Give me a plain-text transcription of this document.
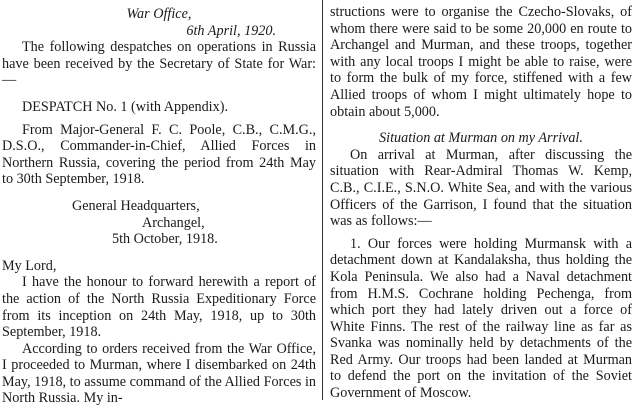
War Office,

6th April, 1920.

The following despatches on operations in Russia have been received by the Secretary of State for War:—

DESPATCH No. 1 (with Appendix).

From Major-General F. C. Poole, C.B., C.M.G., D.S.O., Commander-in-Chief, Allied Forces in Northern Russia, covering the period from 24th May to 30th September, 1918.

General Headquarters,

Archangel,

5th October, 1918.

My Lord,

I have the honour to forward herewith a report of the action of the North Russia Expeditionary Force from its inception on 24th May, 1918, up to 30th September, 1918.

According to orders received from the War Office, I proceeded to Murman, where I disembarked on 24th May, 1918, to assume command of the Allied Forces in North Russia. My in-

structions were to organise the Czecho-Slovaks, of whom there were said to be some 20,000 en route to Archangel and Murman, and these troops, together with any local troops I might be able to raise, were to form the bulk of my force, stiffened with a few Allied troops of whom I might ultimately hope to obtain about 5,000.

Situation at Murman on my Arrival.

On arrival at Murman, after discussing the situation with Rear-Admiral Thomas W. Kemp, C.B., C.I.E., S.N.O. White Sea, and with the various Officers of the Garrison, I found that the situation was as follows:—

1. Our forces were holding Murmansk with a detachment down at Kandalaksha, thus holding the Kola Peninsula. We also had a Naval detachment from H.M.S. Cochrane holding Pechenga, from which port they had lately driven out a force of White Finns. The rest of the railway line as far as Svanka was nominally held by detachments of the Red Army. Our troops had been landed at Murman to defend the port on the invitation of the Soviet Government of Moscow.
